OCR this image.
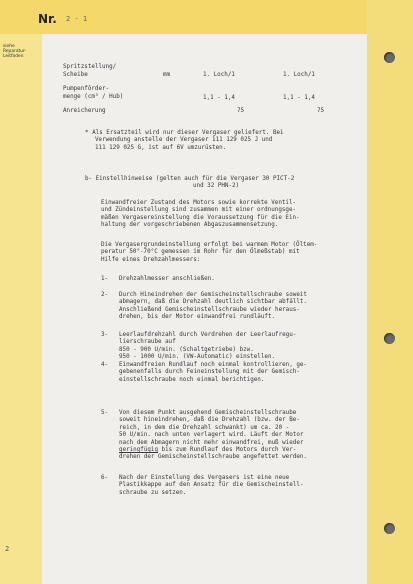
Nr. 2 - 1
siehe
Reparatur-
Leitfaden
2
Spritzstellung/
Scheibe	mm	1. Loch/1	1. Loch/1
Pumpenförder-
menge (cm³ / Hub)	1,1 - 1,4	1,1 - 1,4
Anreicherung	75	75
* Als Ersatzteil wird nur dieser Vergaser geliefert. Bei
Verwendung anstelle der Vergaser 111 129 025 J und
111 129 025 G, ist auf 6V umzurüsten.
b- Einstellhinweise (gelten auch für die Vergaser 30 PICT-2
und 32 PHN-2)
Einwandfreier Zustand des Motors sowie korrekte Ventil-
und Zündeinstellung sind zusammen mit einer ordnungsge-
mäßen Vergasereinstellung die Voraussetzung für die Ein-
haltung der vorgeschriebenen Abgaszusammensetzung.
Die Vergasergrundeinstellung erfolgt bei warmem Motor (Öltem-
peratur 50°-70°C gemessen im Rohr für den Ölmeßstab) mit
Hilfe eines Drehzahlmessers:
1- Drehzahlmesser anschließen.
2- Durch Hineindrehen der Gemischeinstellschraube soweit
abmagern, daß die Drehzahl deutlich sichtbar abfällt.
Anschließend Gemischeinstellschraube wieder heraus-
drehen, bis der Motor einwandfrei rundläuft.
3- Leerlaufdrehzahl durch Verdrehen der Leerlaufregu-
lierschraube auf
850 - 900 U/min. (Schaltgetriebe) bzw.
950 - 1000 U/min. (VW-Automatic) einstellen.
4- Einwandfreien Rundlauf noch einmal kontrollieren, ge-
gebenenfalls durch Feineinstellung mit der Gemisch-
einstellschraube noch einmal berichtigen.
5- Von diesem Punkt ausgehend Gemischeinstellschraube
soweit hineindrehen, daß die Drehzahl (bzw. der Be-
reich, in dem die Drehzahl schwankt) um ca. 20 -
50 U/min. nach unten verlagert wird. Läuft der Motor
nach dem Abmagern nicht mehr einwandfrei, muß wieder
geringfügig bis zum Rundlauf des Motors durch Ver-
drehen der Gemischeinstellschraube angefettet werden.
6- Nach der Einstellung des Vergasers ist eine neue
Plastikkappe auf den Ansatz für die Gemischeinstell-
schraube zu setzen.
